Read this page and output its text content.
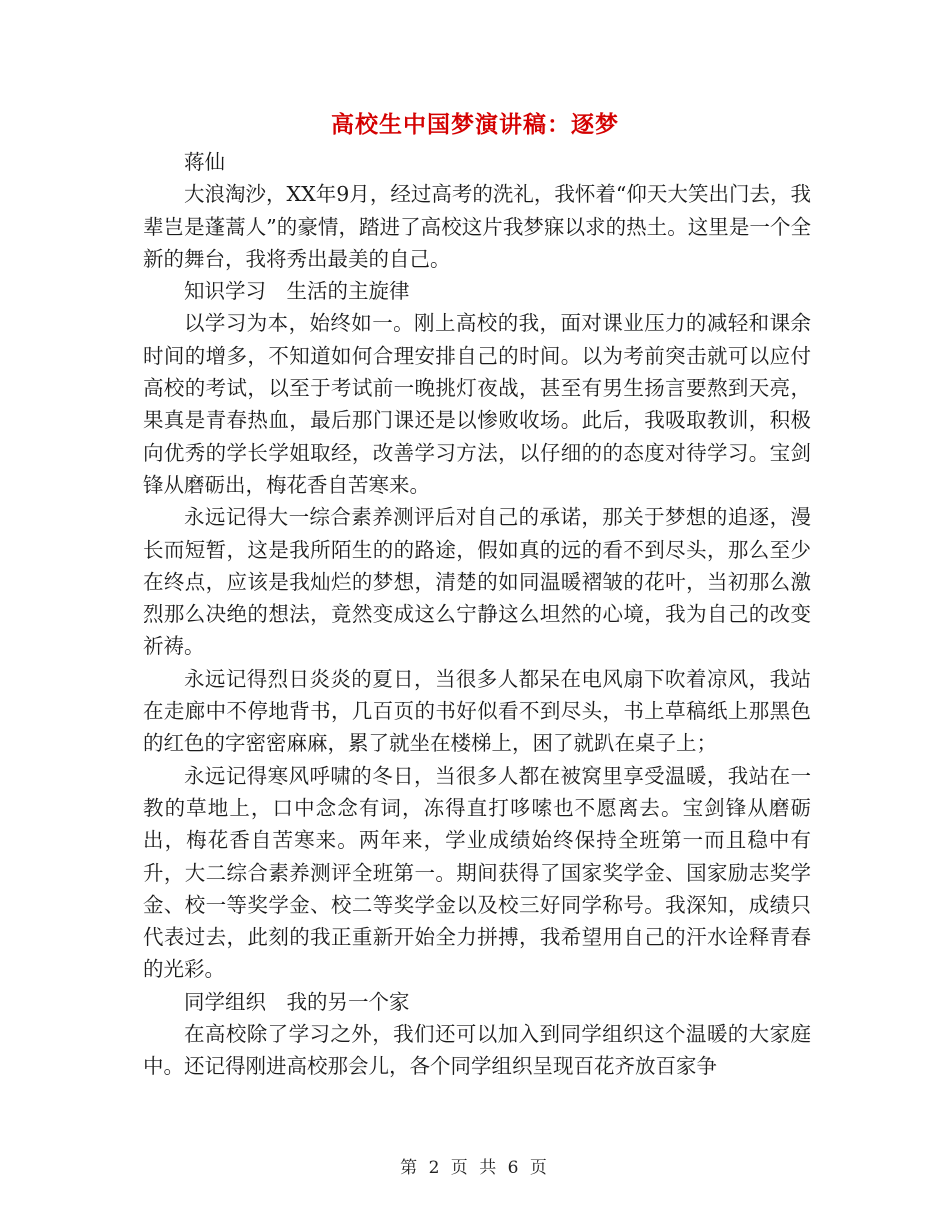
高校生中国梦演讲稿：逐梦

蒋仙

大浪淘沙，XX年9月，经过高考的洗礼，我怀着“仰天大笑出门去，我辈岂是蓬蒿人”的豪情，踏进了高校这片我梦寐以求的热土。这里是一个全新的舞台，我将秀出最美的自己。

知识学习　生活的主旋律

以学习为本，始终如一。刚上高校的我，面对课业压力的减轻和课余时间的增多，不知道如何合理安排自己的时间。以为考前突击就可以应付高校的考试，以至于考试前一晚挑灯夜战，甚至有男生扬言要熬到天亮，果真是青春热血，最后那门课还是以惨败收场。此后，我吸取教训，积极向优秀的学长学姐取经，改善学习方法，以仔细的的态度对待学习。宝剑锋从磨砺出，梅花香自苦寒来。

永远记得大一综合素养测评后对自己的承诺，那关于梦想的追逐，漫长而短暂，这是我所陌生的的路途，假如真的远的看不到尽头，那么至少在终点，应该是我灿烂的梦想，清楚的如同温暖褶皱的花叶，当初那么激烈那么决绝的想法，竟然变成这么宁静这么坦然的心境，我为自己的改变祈祷。

永远记得烈日炎炎的夏日，当很多人都呆在电风扇下吹着凉风，我站在走廊中不停地背书，几百页的书好似看不到尽头，书上草稿纸上那黑色的红色的字密密麻麻，累了就坐在楼梯上，困了就趴在桌子上；

永远记得寒风呼啸的冬日，当很多人都在被窝里享受温暖，我站在一教的草地上，口中念念有词，冻得直打哆嗦也不愿离去。宝剑锋从磨砺出，梅花香自苦寒来。两年来，学业成绩始终保持全班第一而且稳中有升，大二综合素养测评全班第一。期间获得了国家奖学金、国家励志奖学金、校一等奖学金、校二等奖学金以及校三好同学称号。我深知，成绩只代表过去，此刻的我正重新开始全力拼搏，我希望用自己的汗水诠释青春的光彩。

同学组织　我的另一个家

在高校除了学习之外，我们还可以加入到同学组织这个温暖的大家庭中。还记得刚进高校那会儿，各个同学组织呈现百花齐放百家争

第 2 页 共 6 页
